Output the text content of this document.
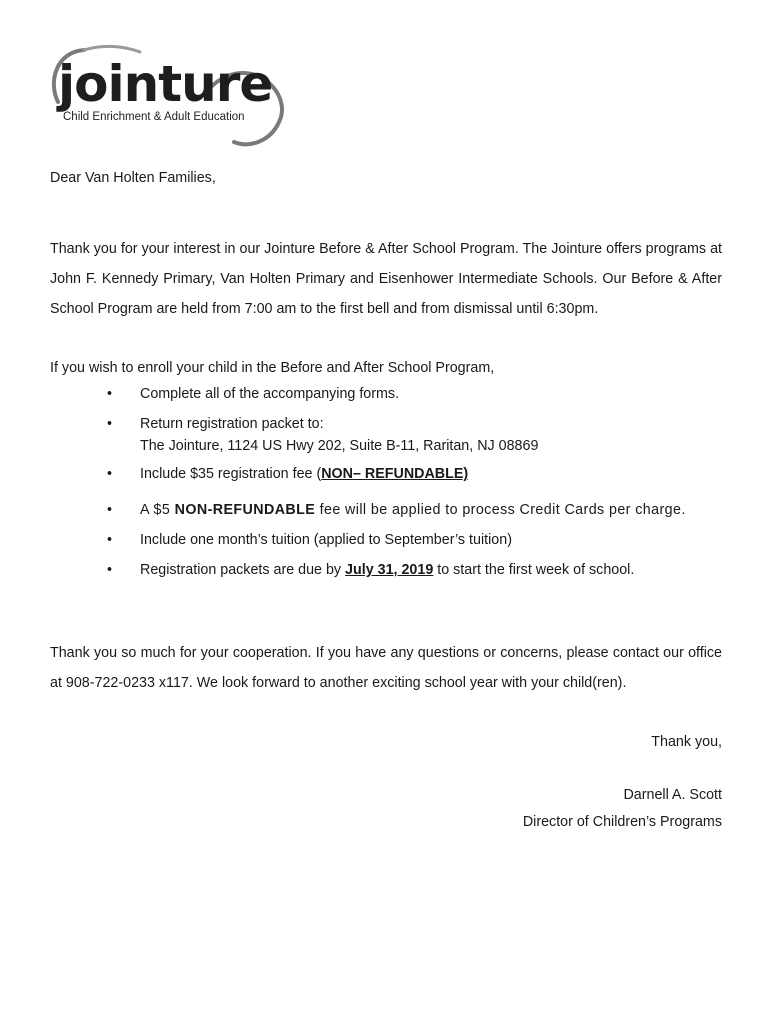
jointure
Child Enrichment & Adult Education
Dear Van Holten Families,

Thank you for your interest in our Jointure Before & After School Program. The Jointure offers programs at John F. Kennedy Primary, Van Holten Primary and Eisenhower Intermediate Schools. Our Before & After School Program are held from 7:00 am to the first bell and from dismissal until 6:30pm.

If you wish to enroll your child in the Before and After School Program,
• Complete all of the accompanying forms.
• Return registration packet to:
The Jointure, 1124 US Hwy 202, Suite B-11, Raritan, NJ 08869
• Include $35 registration fee (NON– REFUNDABLE)
• A $5 NON-REFUNDABLE fee will be applied to process Credit Cards per charge.
• Include one month’s tuition (applied to September’s tuition)
• Registration packets are due by July 31, 2019 to start the first week of school.

Thank you so much for your cooperation. If you have any questions or concerns, please contact our office at 908-722-0233 x117. We look forward to another exciting school year with your child(ren).

Thank you,
Darnell A. Scott
Director of Children’s Programs
